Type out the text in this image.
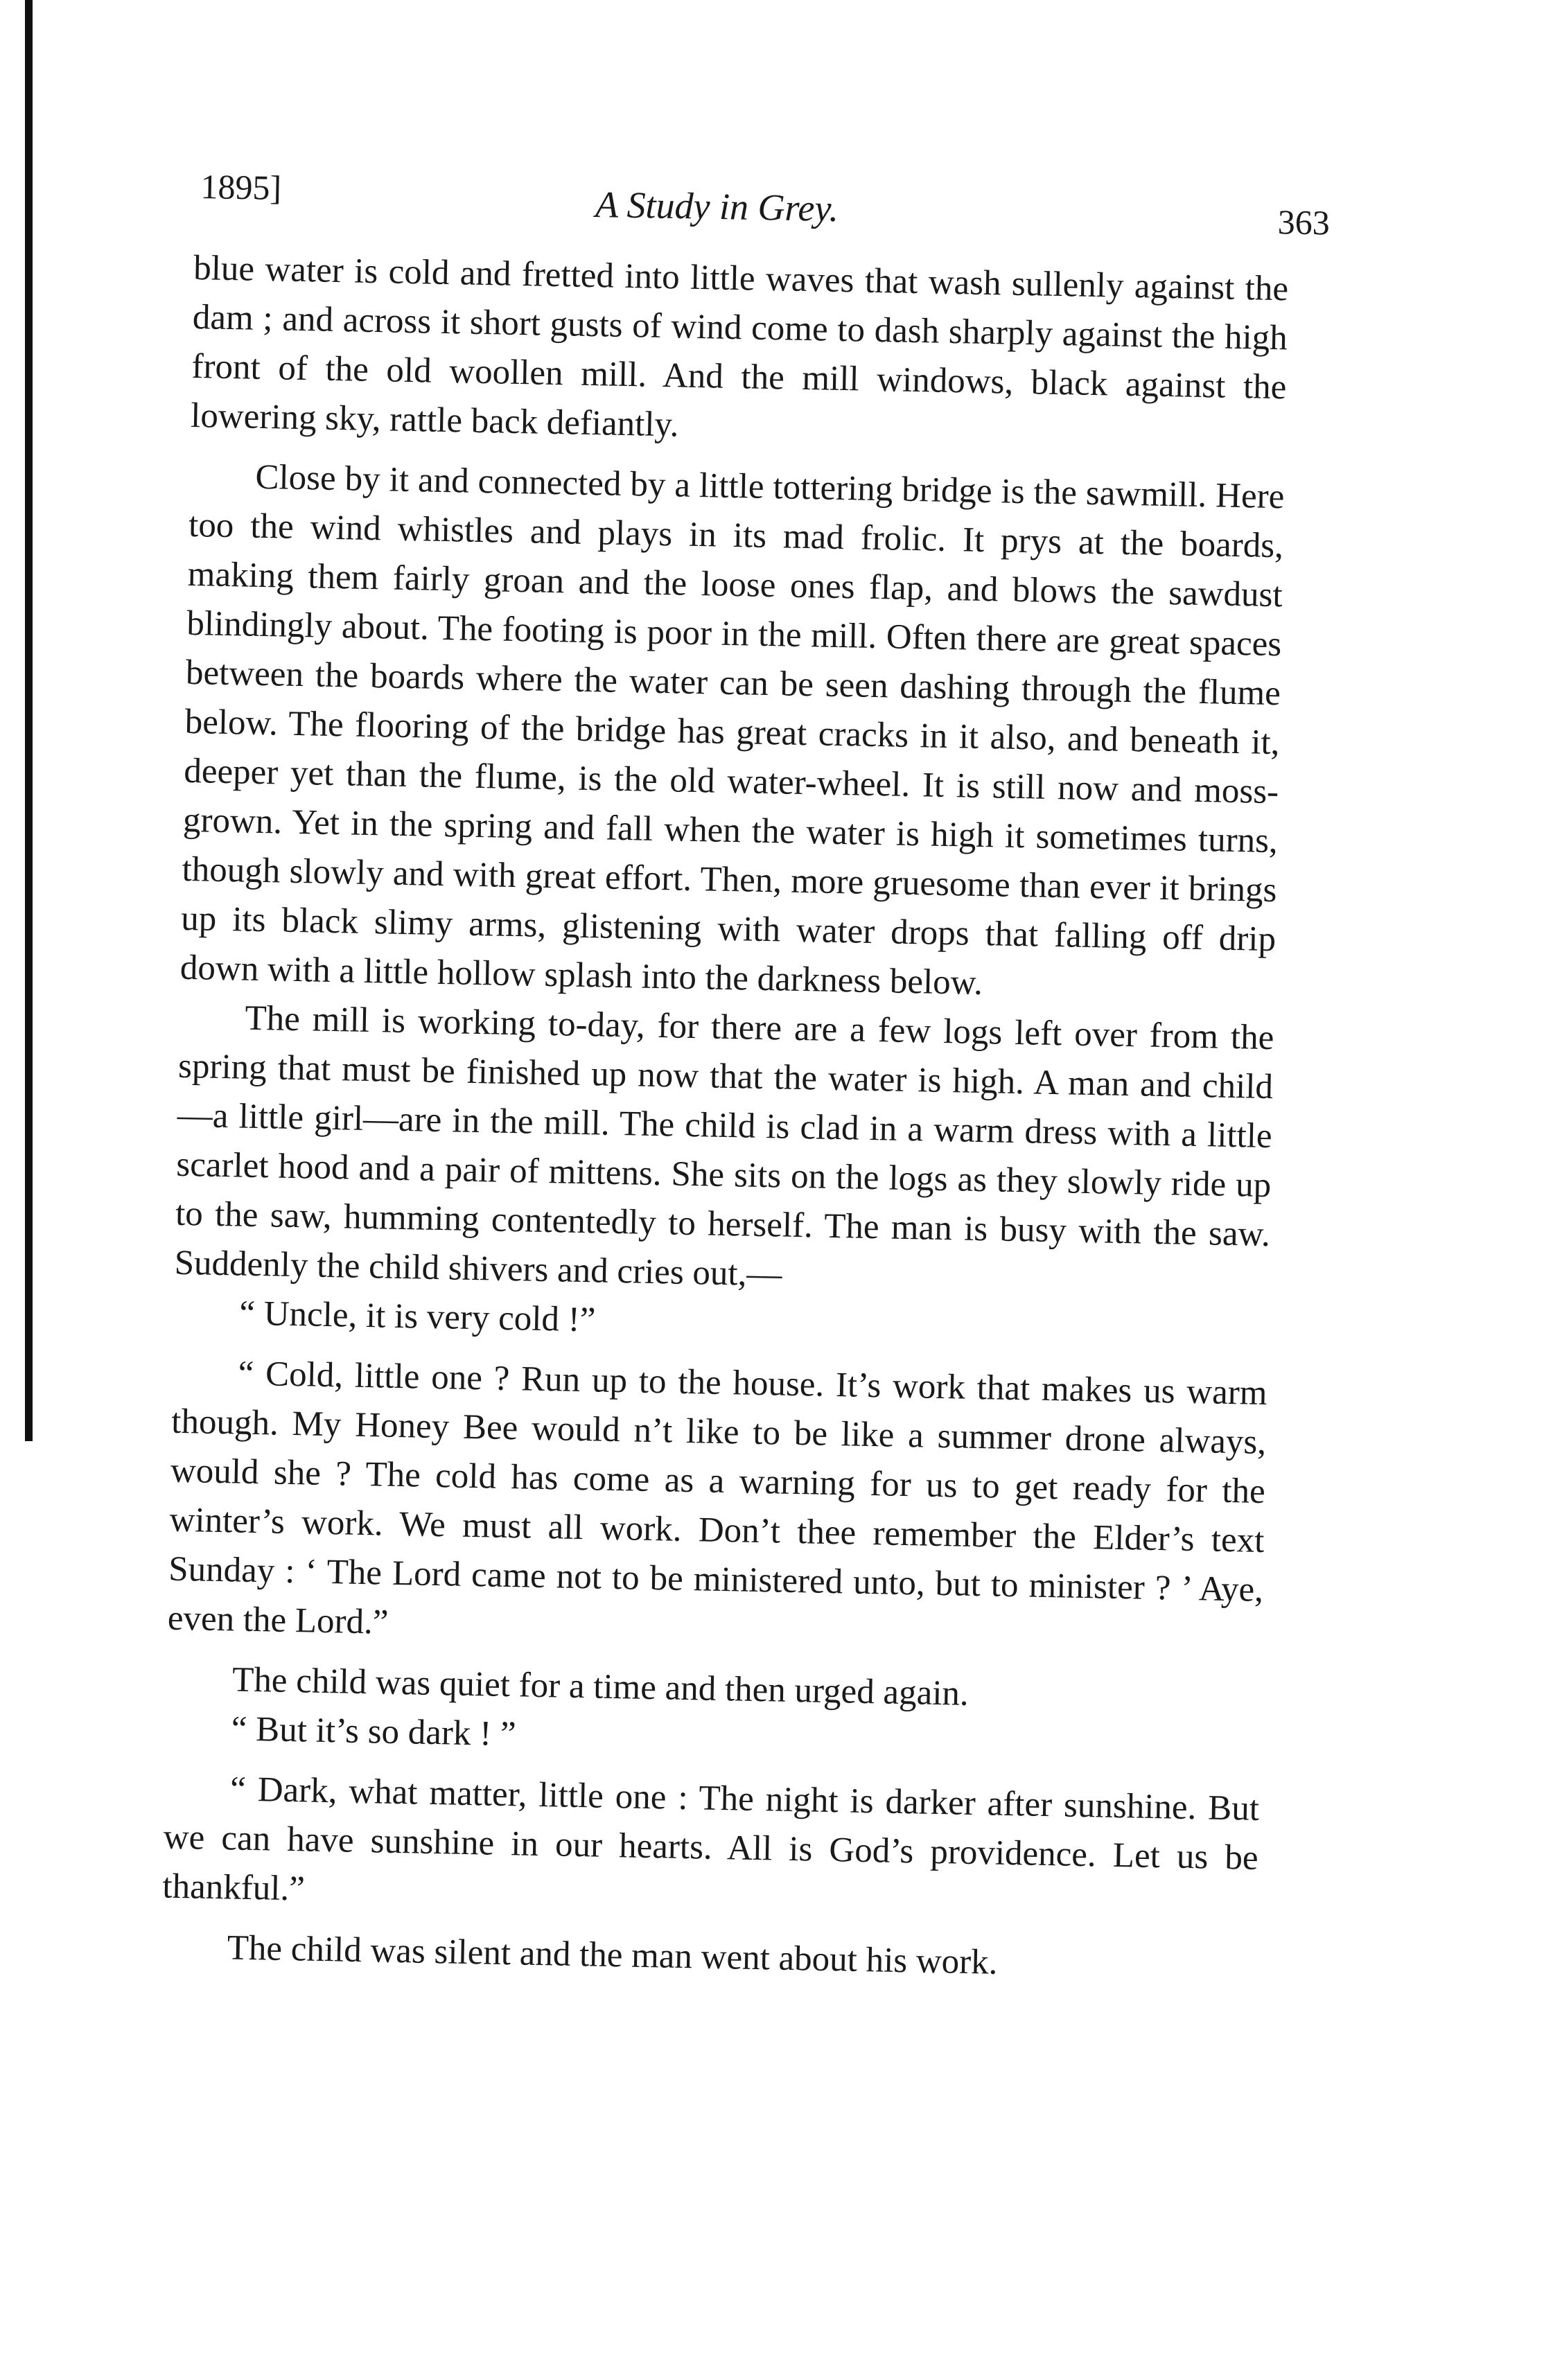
1895]	A Study in Grey.	363

blue water is cold and fretted into little waves that wash sullenly against the dam ; and across it short gusts of wind come to dash sharply against the high front of the old woollen mill. And the mill windows, black against the lowering sky, rattle back defiantly.

Close by it and connected by a little tottering bridge is the sawmill. Here too the wind whistles and plays in its mad frolic. It prys at the boards, making them fairly groan and the loose ones flap, and blows the sawdust blindingly about. The footing is poor in the mill. Often there are great spaces between the boards where the water can be seen dashing through the flume below. The flooring of the bridge has great cracks in it also, and beneath it, deeper yet than the flume, is the old water-wheel. It is still now and moss-grown. Yet in the spring and fall when the water is high it sometimes turns, though slowly and with great effort. Then, more gruesome than ever it brings up its black slimy arms, glistening with water drops that falling off drip down with a little hollow splash into the darkness below.

The mill is working to-day, for there are a few logs left over from the spring that must be finished up now that the water is high. A man and child—a little girl—are in the mill. The child is clad in a warm dress with a little scarlet hood and a pair of mittens. She sits on the logs as they slowly ride up to the saw, humming contentedly to herself. The man is busy with the saw. Suddenly the child shivers and cries out,—

“ Uncle, it is very cold !”

“ Cold, little one ? Run up to the house. It’s work that makes us warm though. My Honey Bee would n’t like to be like a summer drone always, would she ? The cold has come as a warning for us to get ready for the winter’s work. We must all work. Don’t thee remember the Elder’s text Sunday : ‘ The Lord came not to be ministered unto, but to minister ? ’ Aye, even the Lord.”

The child was quiet for a time and then urged again.

“ But it’s so dark ! ”

“ Dark, what matter, little one : The night is darker after sunshine. But we can have sunshine in our hearts. All is God’s providence. Let us be thankful.”

The child was silent and the man went about his work.
